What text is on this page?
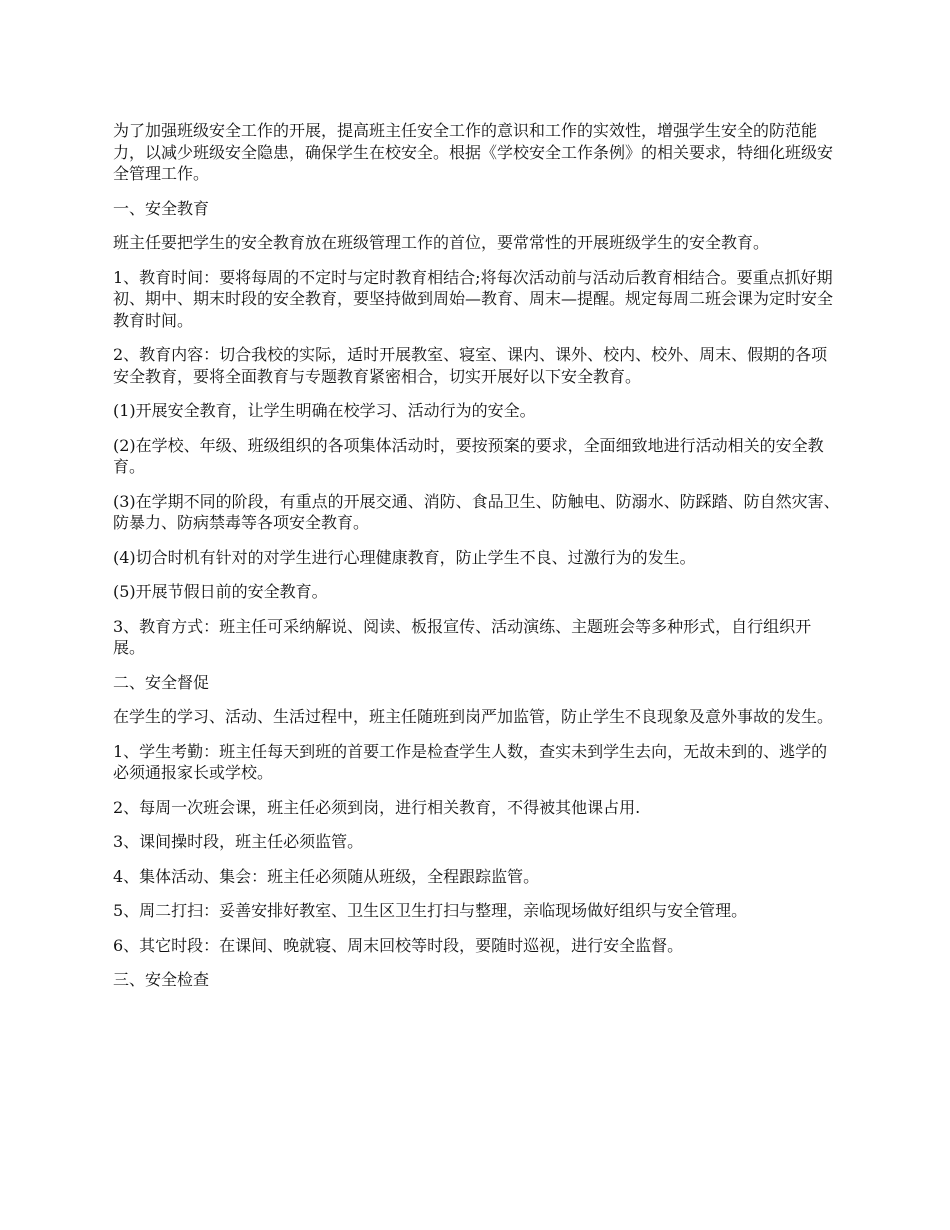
为了加强班级安全工作的开展，提高班主任安全工作的意识和工作的实效性，增强学生安全的防范能力，以减少班级安全隐患，确保学生在校安全。根据《学校安全工作条例》的相关要求，特细化班级安全管理工作。

一、安全教育

班主任要把学生的安全教育放在班级管理工作的首位，要常常性的开展班级学生的安全教育。

1、教育时间：要将每周的不定时与定时教育相结合;将每次活动前与活动后教育相结合。要重点抓好期初、期中、期末时段的安全教育，要坚持做到周始—教育、周末—提醒。规定每周二班会课为定时安全教育时间。

2、教育内容：切合我校的实际，适时开展教室、寝室、课内、课外、校内、校外、周末、假期的各项安全教育，要将全面教育与专题教育紧密相合，切实开展好以下安全教育。

(1)开展安全教育，让学生明确在校学习、活动行为的安全。

(2)在学校、年级、班级组织的各项集体活动时，要按预案的要求，全面细致地进行活动相关的安全教育。

(3)在学期不同的阶段，有重点的开展交通、消防、食品卫生、防触电、防溺水、防踩踏、防自然灾害、防暴力、防病禁毒等各项安全教育。

(4)切合时机有针对的对学生进行心理健康教育，防止学生不良、过激行为的发生。

(5)开展节假日前的安全教育。

3、教育方式：班主任可采纳解说、阅读、板报宣传、活动演练、主题班会等多种形式，自行组织开展。

二、安全督促

在学生的学习、活动、生活过程中，班主任随班到岗严加监管，防止学生不良现象及意外事故的发生。

1、学生考勤：班主任每天到班的首要工作是检查学生人数，查实未到学生去向，无故未到的、逃学的必须通报家长或学校。

2、每周一次班会课，班主任必须到岗，进行相关教育，不得被其他课占用.

3、课间操时段，班主任必须监管。

4、集体活动、集会：班主任必须随从班级，全程跟踪监管。

5、周二打扫：妥善安排好教室、卫生区卫生打扫与整理，亲临现场做好组织与安全管理。

6、其它时段：在课间、晚就寝、周末回校等时段，要随时巡视，进行安全监督。

三、安全检查
